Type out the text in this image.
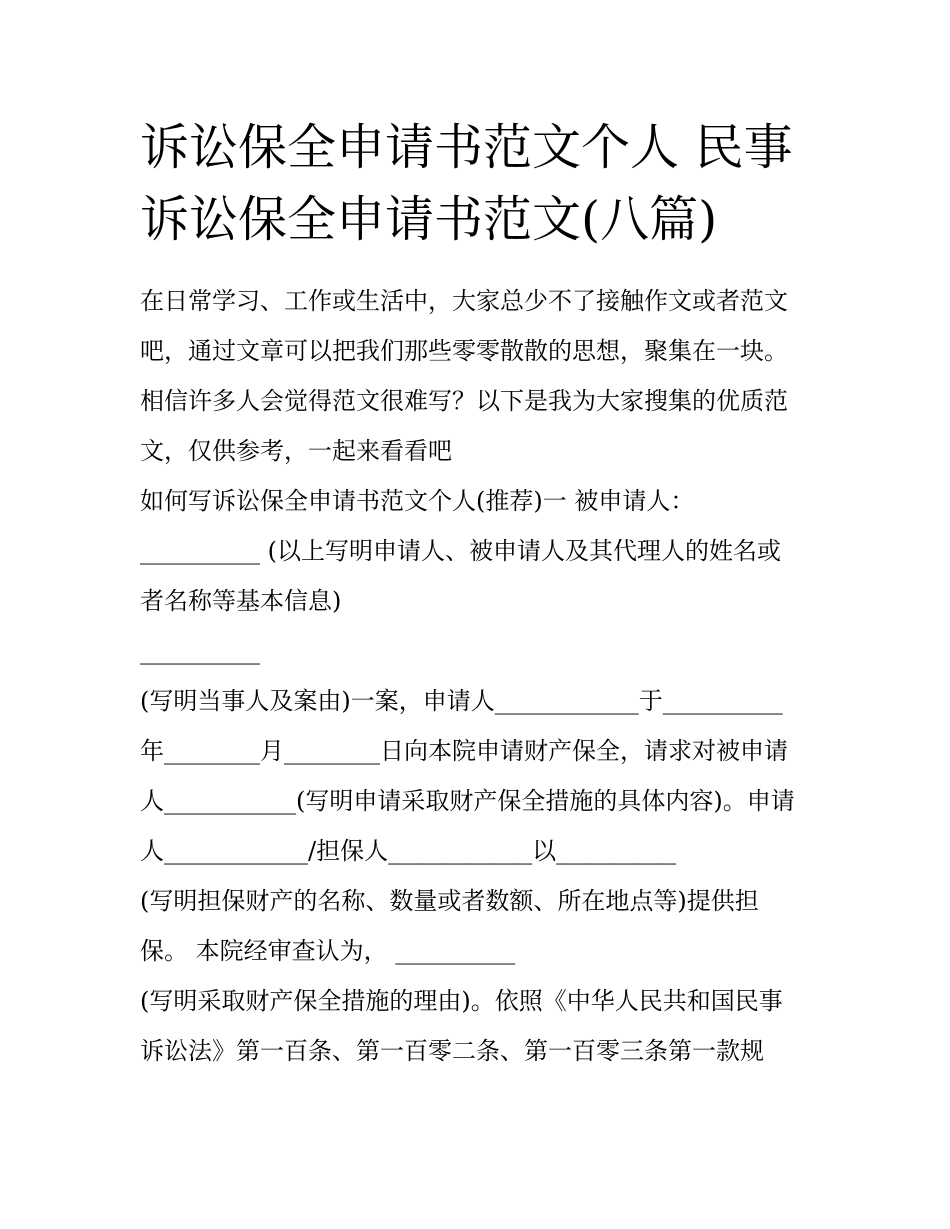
诉讼保全申请书范文个人 民事
诉讼保全申请书范文(八篇)
在日常学习、工作或生活中，大家总少不了接触作文或者范文
吧，通过文章可以把我们那些零零散散的思想，聚集在一块。
相信许多人会觉得范文很难写？以下是我为大家搜集的优质范
文，仅供参考，一起来看看吧
如何写诉讼保全申请书范文个人(推荐)一 被申请人：
__________ (以上写明申请人、被申请人及其代理人的姓名或
者名称等基本信息)
__________
(写明当事人及案由)一案，申请人____________于__________
年________月________日向本院申请财产保全，请求对被申请
人___________(写明申请采取财产保全措施的具体内容)。申请
人____________/担保人____________以__________
(写明担保财产的名称、数量或者数额、所在地点等)提供担
保。 本院经审查认为， __________
(写明采取财产保全措施的理由)。依照《中华人民共和国民事
诉讼法》第一百条、第一百零二条、第一百零三条第一款规
